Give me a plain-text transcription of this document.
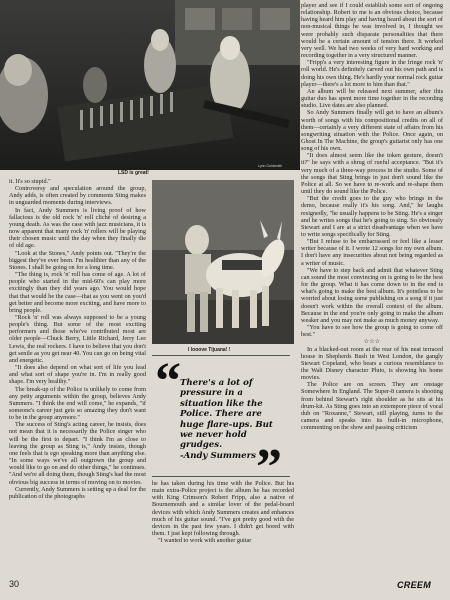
LSD is great!
Lynn Goldsmith
I looove Tijuana! !
“ There's a lot of pressure in a situation like the Police. There are huge flare-ups. But we never hold grudges.
-Andy Summers ”

it. It's so stupid."

Controversy and speculation around the group, Andy adds, is often created by comments Sting makes in unguarded moments during interviews.

In fact, Andy Summers is living proof of how fallacious is the old rock 'n' roll cliché of desiring a young death. As was the case with jazz musicians, it is now apparent that many rock 'n' rollers will be playing their chosen music until the day when they finally die of old age.

"Look at the Stones," Andy points out. "They're the biggest they've ever been. I'm healthier than any of the Stones. I shall be going on for a long time.

"The thing is, rock 'n' roll has come of age. A lot of people who started in the mid-60's can play more excitingly than they did years ago. You would hope that that would be the case—that as you went on you'd get better and become more exciting, and have more to bring people.

"Rock 'n' roll was always supposed to be a young people's thing. But some of the most exciting performers and those who've contributed most are older people—Chuck Berry, Little Richard, Jerry Lee Lewis, the real rockers. I have to believe that you don't get senile as you get near 40. You can go on being vital and energetic.

"It does also depend on what sort of life you lead and what sort of shape you're in. I'm in really good shape. I'm very healthy."

The break-up of the Police is unlikely to come from any petty arguments within the group, believes Andy Summers. "I think the end will come," he expands, "if someone's career just gets so amazing they don't want to be in the group anymore."

The success of Sting's acting career, he insists, does not mean that it is necessarily the Police singer who will be the first to depart. "I think I'm as close to leaving the group as Sting is," Andy insists, though one feels that is ego speaking more than anything else. "In some ways we've all outgrown the group and would like to go on and do other things," he continues. "And we're all doing them, though Sting's had the most obvious big success in terms of moving on to movies.

Currently, Andy Summers is setting up a deal for the publication of the photographs

he has taken during his time with the Police. But his main extra-Police project is the album he has recorded with King Crimson's Robert Fripp, also a native of Bournemouth and a similar lover of the pedal-board devices with which Andy Summers creates and enhances much of his guitar sound. "I've got pretty good with the devices in the past few years. I didn't get bored with them. I just kept following through.

"I wanted to work with another guitar

player and see if I could establish some sort of ongoing relationship. Robert to me is an obvious choice, because having heard him play and having heard about the sort of non-musical things he was involved in, I thought we were probably such disparate personalities that there would be a certain amount of tension there. It worked very well. We had two weeks of very hard working and recording together in a very structured manner.

"Fripp's a very interesting figure in the fringe rock 'n' roll world. He's definitely carved out his own path and is doing his own thing. He's hardly your normal rock guitar player—there's a lot more to him than that."

An album will be released next summer, after this guitar duo has spent more time together in the recording studio. Live dates are also planned.

So Andy Summers finally will get to have an album's worth of songs with his compositional credits on all of them—certainly a very different state of affairs from his songwriting situation with the Police. Once again, on Ghost In The Machine, the group's guitarist only has one song of his own.

"It does almost seem like the token gesture, doesn't it?" he says with a shrug of rueful acceptance. "But it's very much of a three-way process in the studio. Some of the songs that Sting brings in just don't sound like the Police at all. So we have to re-work and re-shape them until they do sound like the Police.

"But the credit goes to the guy who brings in the demo, because really it's his song. And," he laughs resignedly, "he usually happens to be Sting. He's a singer and he writes songs that he's going to sing. So obviously Stewart and I are at a strict disadvantage when we have to write songs specifically for Sting.

"But I refuse to be embarrassed or feel like a lesser writer because of it. I wrote 12 songs for my own album. I don't have any insecurities about not being regarded as a writer of music.

"We have to step back and admit that whatever Sting can sound the most convincing on is going to be the best for the group. What it has come down to in the end is what's going to make the best album. It's pointless to be worried about losing some publishing on a song if it just doesn't work within the overall context of the album. Because in the end you're only going to make the album weaker and you may not make as much money anyway.

"You have to see how the group is going to come off best."

☆☆☆

In a blacked-out room at the rear of his neat terraced house in Shepherds Bush in West London, the gangly Stewart Copeland, who bears a curious resemblance to the Walt Disney character Pluto, is showing his home movies.

The Police are on screen. They are onstage Somewhere In England. The Super-8 camera is shooting from behind Stewart's right shoulder as he sits at his drum-kit. As Sting goes into an extempore piece of vocal dub on "Roxanne," Stewart, still playing, turns to the camera and speaks into its built-in microphone, commenting on the show and passing criticism

30	CREEM
